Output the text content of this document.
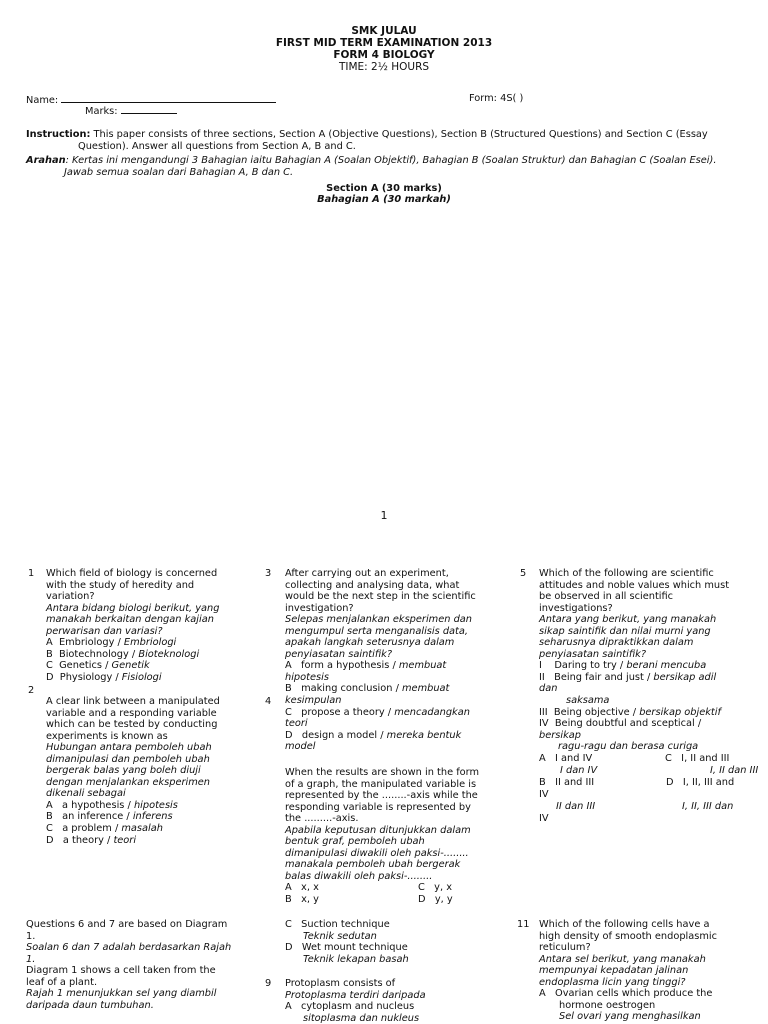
SMK JULAU
FIRST MID TERM EXAMINATION 2013
FORM 4 BIOLOGY
TIME: 2½ HOURS
Name:	Form: 4S( )
Marks:
Instruction: This paper consists of three sections, Section A (Objective Questions), Section B (Structured Questions) and Section C (Essay
Question). Answer all questions from Section A, B and C.
Arahan: Kertas ini mengandungi 3 Bahagian iaitu Bahagian A (Soalan Objektif), Bahagian B (Soalan Struktur) dan Bahagian C (Soalan Esei).
Jawab semua soalan dari Bahagian A, B dan C.
Section A (30 marks)
Bahagian A (30 markah)
1
1 Which field of biology is concerned
with the study of heredity and
variation?
Antara bidang biologi berikut, yang
manakah berkaitan dengan kajian
perwarisan dan variasi?
A Embriology / Embriologi
B Biotechnology / Bioteknologi
C Genetics / Genetik
D Physiology / Fisiologi
2
A clear link between a manipulated
variable and a responding variable
which can be tested by conducting
experiments is known as
Hubungan antara pemboleh ubah
dimanipulasi dan pemboleh ubah
bergerak balas yang boleh diuji
dengan menjalankan eksperimen
dikenali sebagai
A a hypothesis / hipotesis
B an inference / inferens
C a problem / masalah
D a theory / teori
Questions 6 and 7 are based on Diagram
1.
Soalan 6 dan 7 adalah berdasarkan Rajah
1.
Diagram 1 shows a cell taken from the
leaf of a plant.
Rajah 1 menunjukkan sel yang diambil
daripada daun tumbuhan.
3 After carrying out an experiment,
collecting and analysing data, what
would be the next step in the scientific
investigation?
Selepas menjalankan eksperimen dan
mengumpul serta menganalisis data,
apakah langkah seterusnya dalam
penyiasatan saintifik?
A   form a hypothesis / membuat
hipotesis
B   making conclusion / membuat
kesimpulan
C   propose a theory / mencadangkan
teori
D   design a model / mereka bentuk
model
4
When the results are shown in the form
of a graph, the manipulated variable is
represented by the ........-axis while the
responding variable is represented by
the .........-axis.
Apabila keputusan ditunjukkan dalam
bentuk graf, pemboleh ubah
dimanipulasi diwakili oleh paksi-........
manakala pemboleh ubah bergerak
balas diwakili oleh paksi-........
A   x, x
B   x, y
C   y, x
D   y, y
C   Suction technique
Teknik sedutan
D   Wet mount technique
Teknik lekapan basah
9 Protoplasm consists of
Protoplasma terdiri daripada
A   cytoplasm and nucleus
sitoplasma dan nukleus
5 Which of the following are scientific
attitudes and noble values which must
be observed in all scientific
investigations?
Antara yang berikut, yang manakah
sikap saintifik dan nilai murni yang
seharusnya dipraktikkan dalam
penyiasatan saintifik?
I    Daring to try / berani mencuba
II   Being fair and just / bersikap adil
dan
saksama
III  Being objective / bersikap objektif
IV  Being doubtful and sceptical /
bersikap
ragu-ragu dan berasa curiga
A   I and IV
I dan IV
B   II and III
IV
II dan III
IV
C   I, II and III
I, II dan III
D   I, II, III and
I, II, III dan
11 Which of the following cells have a
high density of smooth endoplasmic
reticulum?
Antara sel berikut, yang manakah
mempunyai kepadatan jalinan
endoplasma licin yang tinggi?
A   Ovarian cells which produce the
hormone oestrogen
Sel ovari yang menghasilkan
